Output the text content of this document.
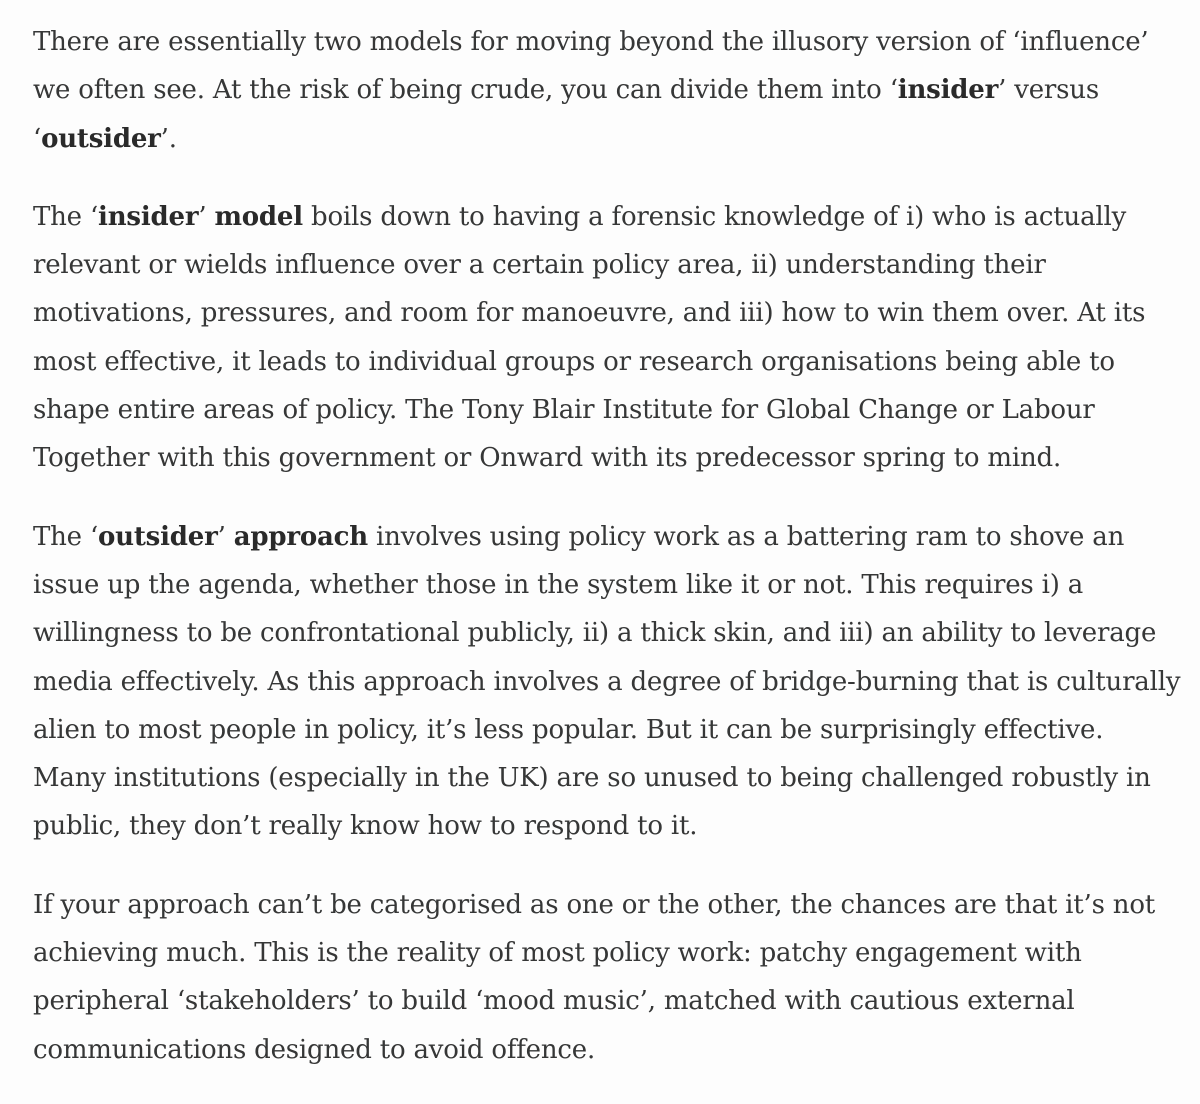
There are essentially two models for moving beyond the illusory version of ‘influence’ we often see. At the risk of being crude, you can divide them into ‘insider’ versus ‘outsider’.

The ‘insider’ model boils down to having a forensic knowledge of i) who is actually relevant or wields influence over a certain policy area, ii) understanding their motivations, pressures, and room for manoeuvre, and iii) how to win them over. At its most effective, it leads to individual groups or research organisations being able to shape entire areas of policy. The Tony Blair Institute for Global Change or Labour Together with this government or Onward with its predecessor spring to mind.

The ‘outsider’ approach involves using policy work as a battering ram to shove an issue up the agenda, whether those in the system like it or not. This requires i) a willingness to be confrontational publicly, ii) a thick skin, and iii) an ability to leverage media effectively. As this approach involves a degree of bridge-burning that is culturally alien to most people in policy, it’s less popular. But it can be surprisingly effective. Many institutions (especially in the UK) are so unused to being challenged robustly in public, they don’t really know how to respond to it.

If your approach can’t be categorised as one or the other, the chances are that it’s not achieving much. This is the reality of most policy work: patchy engagement with peripheral ‘stakeholders’ to build ‘mood music’, matched with cautious external communications designed to avoid offence.
